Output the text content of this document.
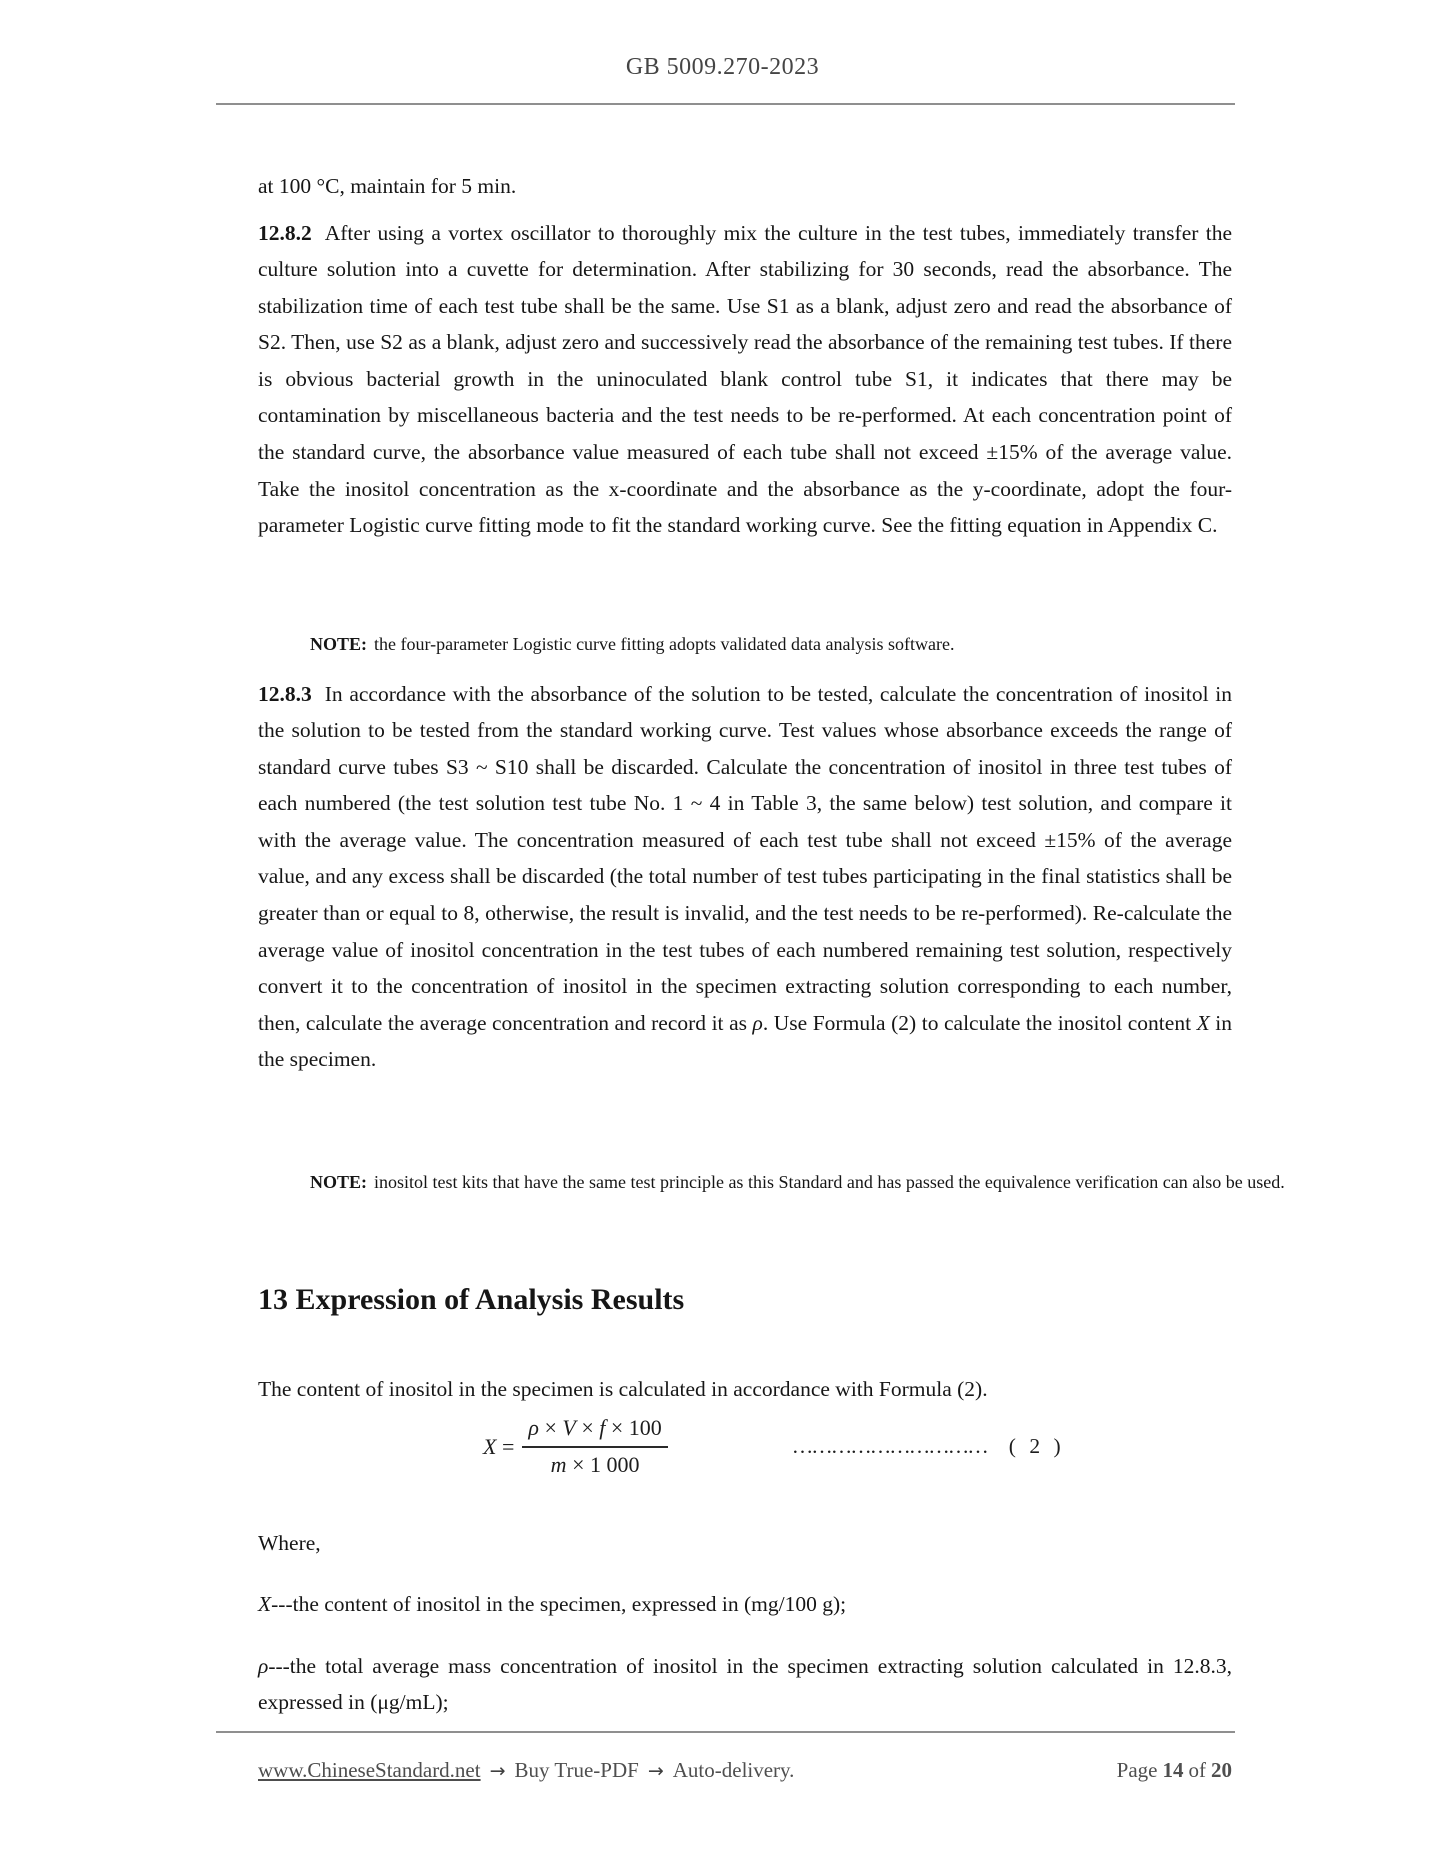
GB 5009.270-2023

at 100 °C, maintain for 5 min.

12.8.2 After using a vortex oscillator to thoroughly mix the culture in the test tubes, immediately transfer the culture solution into a cuvette for determination. After stabilizing for 30 seconds, read the absorbance. The stabilization time of each test tube shall be the same. Use S1 as a blank, adjust zero and read the absorbance of S2. Then, use S2 as a blank, adjust zero and successively read the absorbance of the remaining test tubes. If there is obvious bacterial growth in the uninoculated blank control tube S1, it indicates that there may be contamination by miscellaneous bacteria and the test needs to be re-performed. At each concentration point of the standard curve, the absorbance value measured of each tube shall not exceed ±15% of the average value. Take the inositol concentration as the x-coordinate and the absorbance as the y-coordinate, adopt the four-parameter Logistic curve fitting mode to fit the standard working curve. See the fitting equation in Appendix C.

NOTE: the four-parameter Logistic curve fitting adopts validated data analysis software.

12.8.3 In accordance with the absorbance of the solution to be tested, calculate the concentration of inositol in the solution to be tested from the standard working curve. Test values whose absorbance exceeds the range of standard curve tubes S3 ~ S10 shall be discarded. Calculate the concentration of inositol in three test tubes of each numbered (the test solution test tube No. 1 ~ 4 in Table 3, the same below) test solution, and compare it with the average value. The concentration measured of each test tube shall not exceed ±15% of the average value, and any excess shall be discarded (the total number of test tubes participating in the final statistics shall be greater than or equal to 8, otherwise, the result is invalid, and the test needs to be re-performed). Re-calculate the average value of inositol concentration in the test tubes of each numbered remaining test solution, respectively convert it to the concentration of inositol in the specimen extracting solution corresponding to each number, then, calculate the average concentration and record it as ρ. Use Formula (2) to calculate the inositol content X in the specimen.

NOTE: inositol test kits that have the same test principle as this Standard and has passed the equivalence verification can also be used.

13 Expression of Analysis Results

The content of inositol in the specimen is calculated in accordance with Formula (2).

$X = \frac{\rho \times V \times f \times 100}{m \times 1 000}$	………………………… ( 2 )

Where,

X---the content of inositol in the specimen, expressed in (mg/100 g);

ρ---the total average mass concentration of inositol in the specimen extracting solution calculated in 12.8.3, expressed in (μg/mL);

www.ChineseStandard.net → Buy True-PDF → Auto-delivery.	Page 14 of 20
